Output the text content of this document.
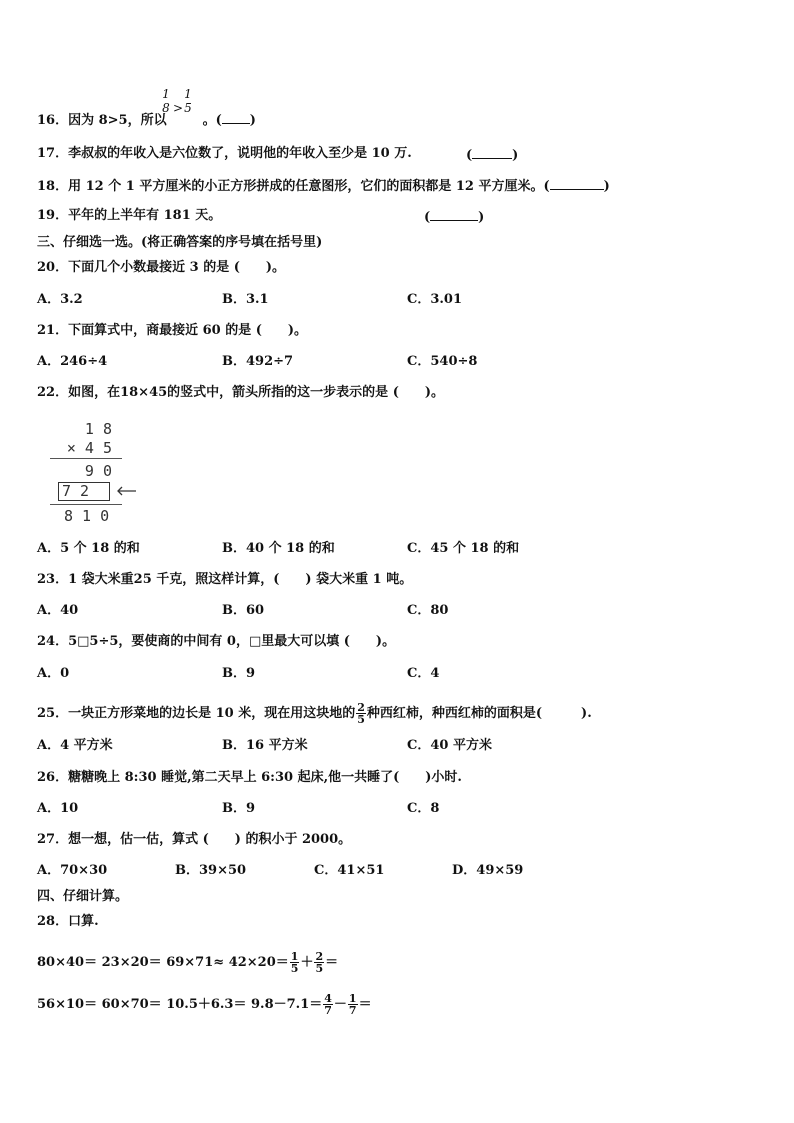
1
8 >
1
5
16．因为 8>5，所以	。( )
17．李叔叔的年收入是六位数了，说明他的年收入至少是 10 万.	(	)
18．用 12 个 1 平方厘米的小正方形拼成的任意图形，它们的面积都是 12 平方厘米。(	)
19．平年的上半年有 181 天。	(	)
三、仔细选一选。(将正确答案的序号填在括号里)
20．下面几个小数最接近 3 的是 (　　)。
A．3.2	B．3.1	C．3.01
21．下面算式中，商最接近 60 的是 (　　)。
A．246÷4	B．492÷7	C．540÷8
22．如图，在18×45的竖式中，箭头所指的这一步表示的是 (　　)。
1 8
× 4 5
9 0
7 2
8 1 0
A．5 个 18 的和	B．40 个 18 的和	C．45 个 18 的和
23．1 袋大米重25 千克，照这样计算，(　　) 袋大米重 1 吨。
A．40	B．60	C．80
24．5□5÷5，要使商的中间有 0，□里最大可以填 (　　)。
A．0	B．9	C．4
25．一块正方形菜地的边长是 10 米，现在用这块地的 $\frac{2}{5}$ 种西红柿，种西红柿的面积是(　　　).
A．4 平方米	B．16 平方米	C．40 平方米
26．糖糖晚上 8:30 睡觉,第二天早上 6:30 起床,他一共睡了(　　)小时.
A．10	B．9	C．8
27．想一想，估一估，算式 (　　) 的积小于 2000。
A．70×30	B．39×50	C．41×51	D．49×59
四、仔细计算。
28．口算.
$80\times 40= 23\times 20= 69\times 71\approx 42\times 20= \frac{1}{5} + \frac{2}{5}$ ＝
$56\times 10= 60\times 70= 10.5+6.3= 9.8-7.1= \frac{4}{7} - \frac{1}{7}$ ＝
